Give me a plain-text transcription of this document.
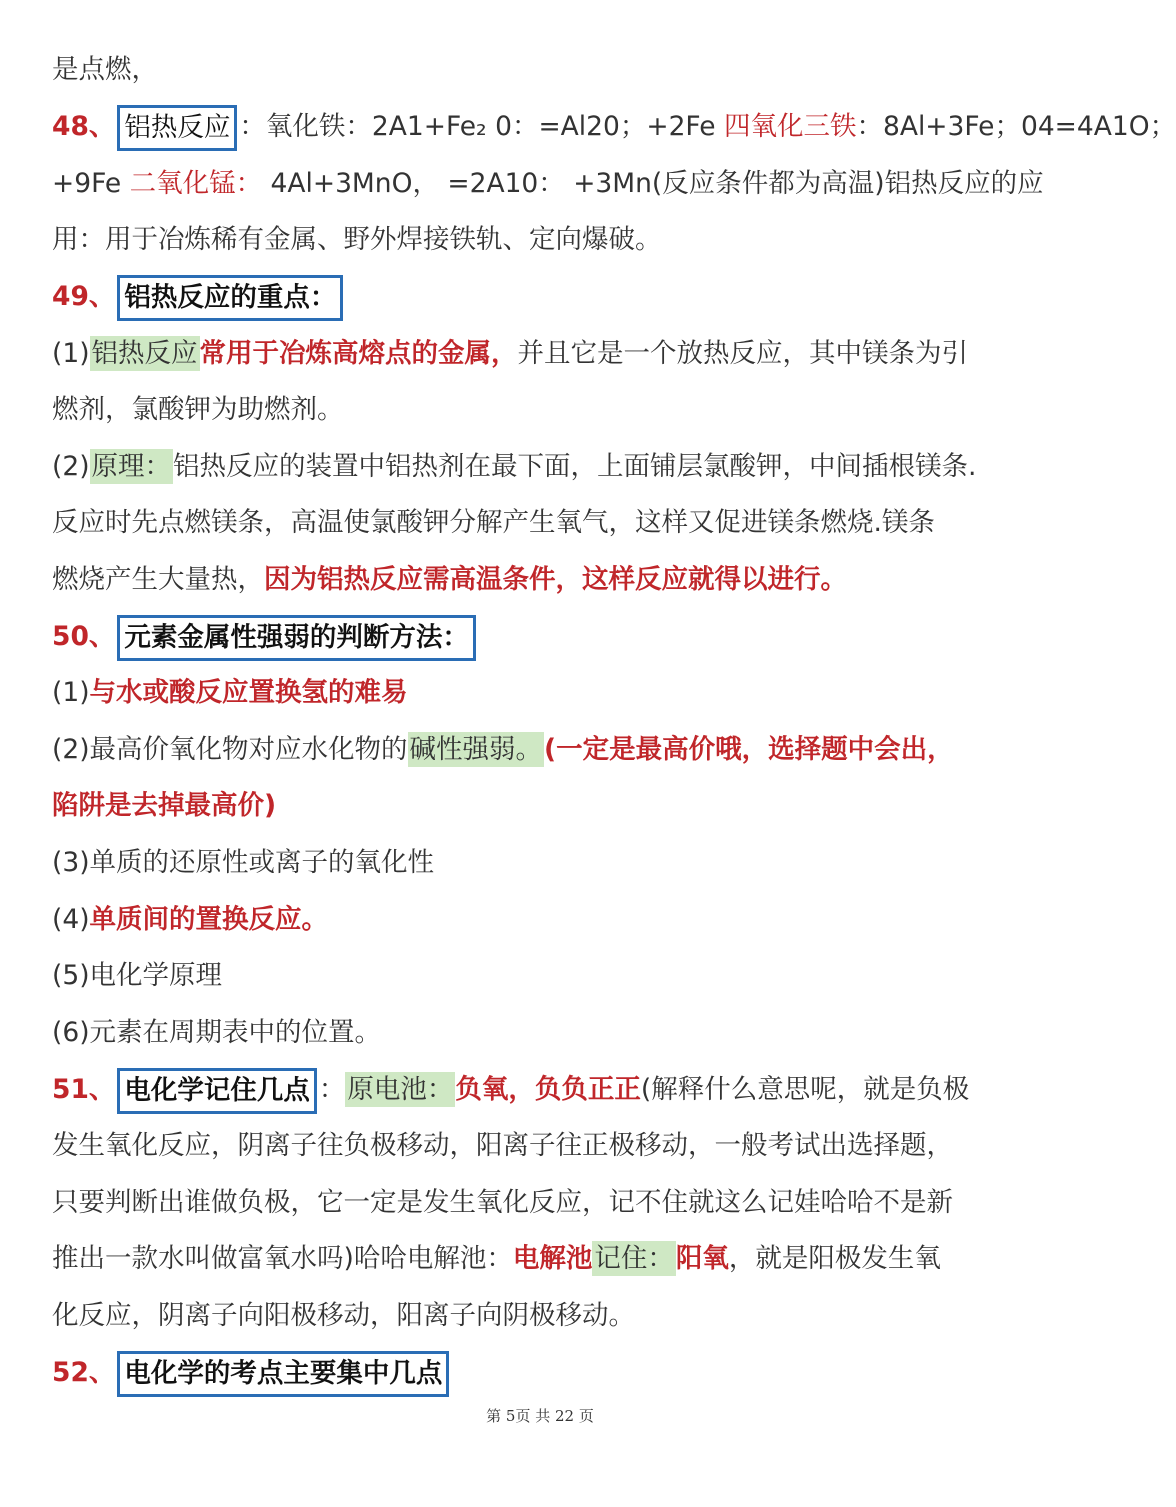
是点燃，
48、 铝热反应 ：氧化铁：2A1+Fe₂ 0：=Al20；+2Fe 四氧化三铁：8Al+3Fe；04=4A1O；
+9Fe 二氧化锰： 4Al+3MnO， =2A10： +3Mn(反应条件都为高温)铝热反应的应
用：用于冶炼稀有金属、野外焊接铁轨、定向爆破。
49、 铝热反应的重点：
(1)铝热反应常用于冶炼高熔点的金属，并且它是一个放热反应，其中镁条为引
燃剂，氯酸钾为助燃剂。
(2)原理：铝热反应的装置中铝热剂在最下面，上面铺层氯酸钾，中间插根镁条.
反应时先点燃镁条，高温使氯酸钾分解产生氧气，这样又促进镁条燃烧.镁条
燃烧产生大量热，因为铝热反应需高温条件，这样反应就得以进行。
50、 元素金属性强弱的判断方法：
(1)与水或酸反应置换氢的难易
(2)最高价氧化物对应水化物的碱性强弱。(一定是最高价哦，选择题中会出，
陷阱是去掉最高价)
(3)单质的还原性或离子的氧化性
(4)单质间的置换反应。
(5)电化学原理
(6)元素在周期表中的位置。
51、 电化学记住几点 ：原电池：负氧，负负正正(解释什么意思呢，就是负极
发生氧化反应，阴离子往负极移动，阳离子往正极移动，一般考试出选择题，
只要判断出谁做负极，它一定是发生氧化反应，记不住就这么记娃哈哈不是新
推出一款水叫做富氧水吗)哈哈电解池：电解池记住：阳氧，就是阳极发生氧
化反应，阴离子向阳极移动，阳离子向阴极移动。
52、 电化学的考点主要集中几点
第 5页 共 22 页
